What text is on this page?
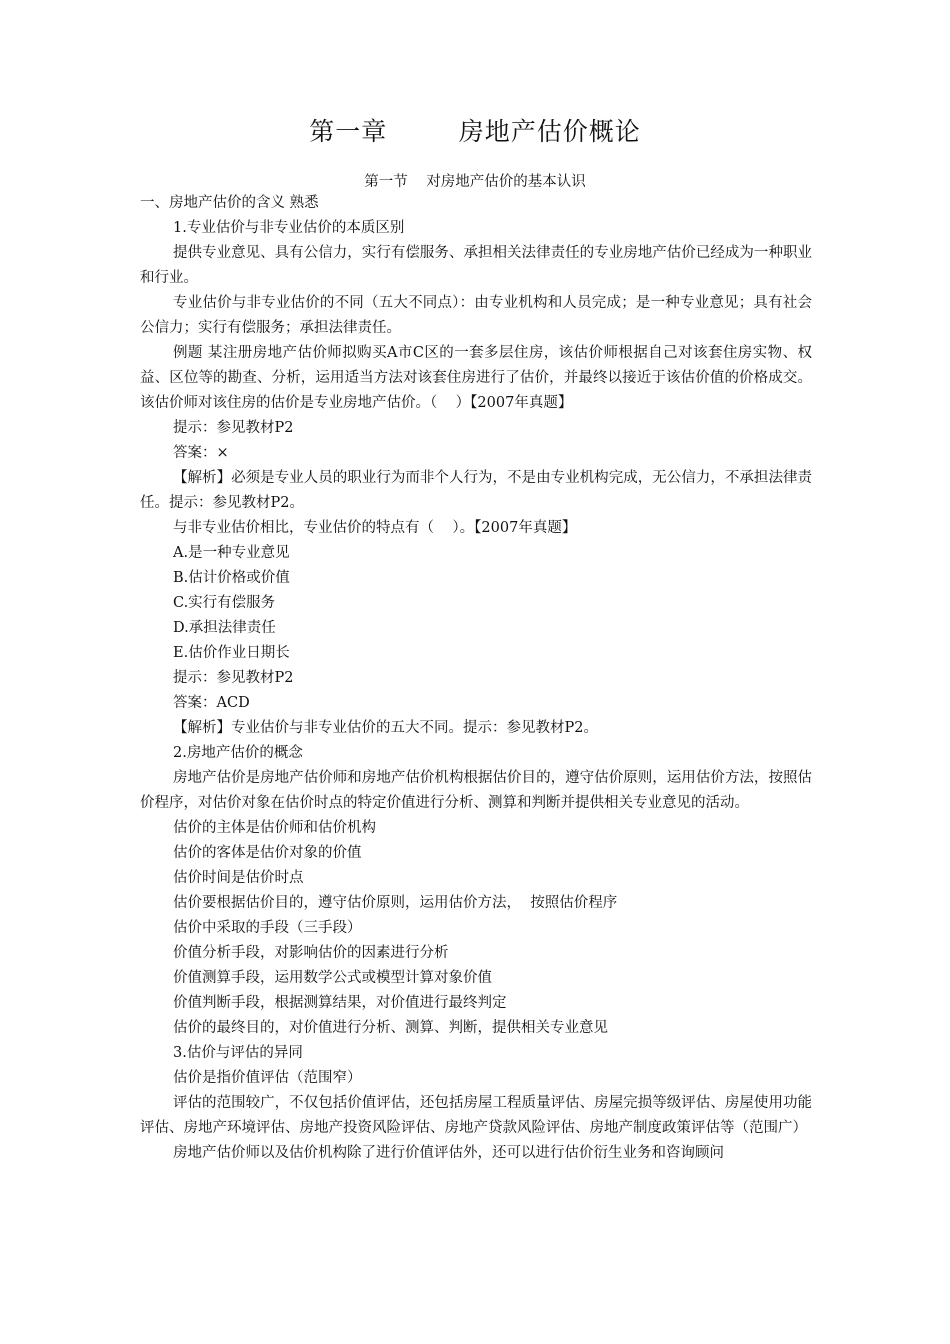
第一章        房地产估价概论
第一节    对房地产估价的基本认识

一、房地产估价的含义 熟悉

1.专业估价与非专业估价的本质区别

提供专业意见、具有公信力，实行有偿服务、承担相关法律责任的专业房地产估价已经成为一种职业和行业。

专业估价与非专业估价的不同（五大不同点）：由专业机构和人员完成；是一种专业意见；具有社会公信力；实行有偿服务；承担法律责任。

例题 某注册房地产估价师拟购买A市C区的一套多层住房，该估价师根据自己对该套住房实物、权益、区位等的勘查、分析，运用适当方法对该套住房进行了估价，并最终以接近于该估价值的价格成交。该估价师对该住房的估价是专业房地产估价。（    ）【2007年真题】

提示：参见教材P2

答案：×

【解析】必须是专业人员的职业行为而非个人行为，不是由专业机构完成，无公信力，不承担法律责任。提示：参见教材P2。

与非专业估价相比，专业估价的特点有（    ）。【2007年真题】

A.是一种专业意见

B.估计价格或价值

C.实行有偿服务

D.承担法律责任

E.估价作业日期长

提示：参见教材P2

答案：ACD

【解析】专业估价与非专业估价的五大不同。提示：参见教材P2。

2.房地产估价的概念

房地产估价是房地产估价师和房地产估价机构根据估价目的，遵守估价原则，运用估价方法，按照估价程序，对估价对象在估价时点的特定价值进行分析、测算和判断并提供相关专业意见的活动。

估价的主体是估价师和估价机构

估价的客体是估价对象的价值

估价时间是估价时点

估价要根据估价目的，遵守估价原则，运用估价方法，  按照估价程序

估价中采取的手段（三手段）

价值分析手段，对影响估价的因素进行分析

价值测算手段，运用数学公式或模型计算对象价值

价值判断手段，根据测算结果，对价值进行最终判定

估价的最终目的，对价值进行分析、测算、判断，提供相关专业意见

3.估价与评估的异同

估价是指价值评估（范围窄）

评估的范围较广，不仅包括价值评估，还包括房屋工程质量评估、房屋完损等级评估、房屋使用功能评估、房地产环境评估、房地产投资风险评估、房地产贷款风险评估、房地产制度政策评估等（范围广）

房地产估价师以及估价机构除了进行价值评估外，还可以进行估价衍生业务和咨询顾问
